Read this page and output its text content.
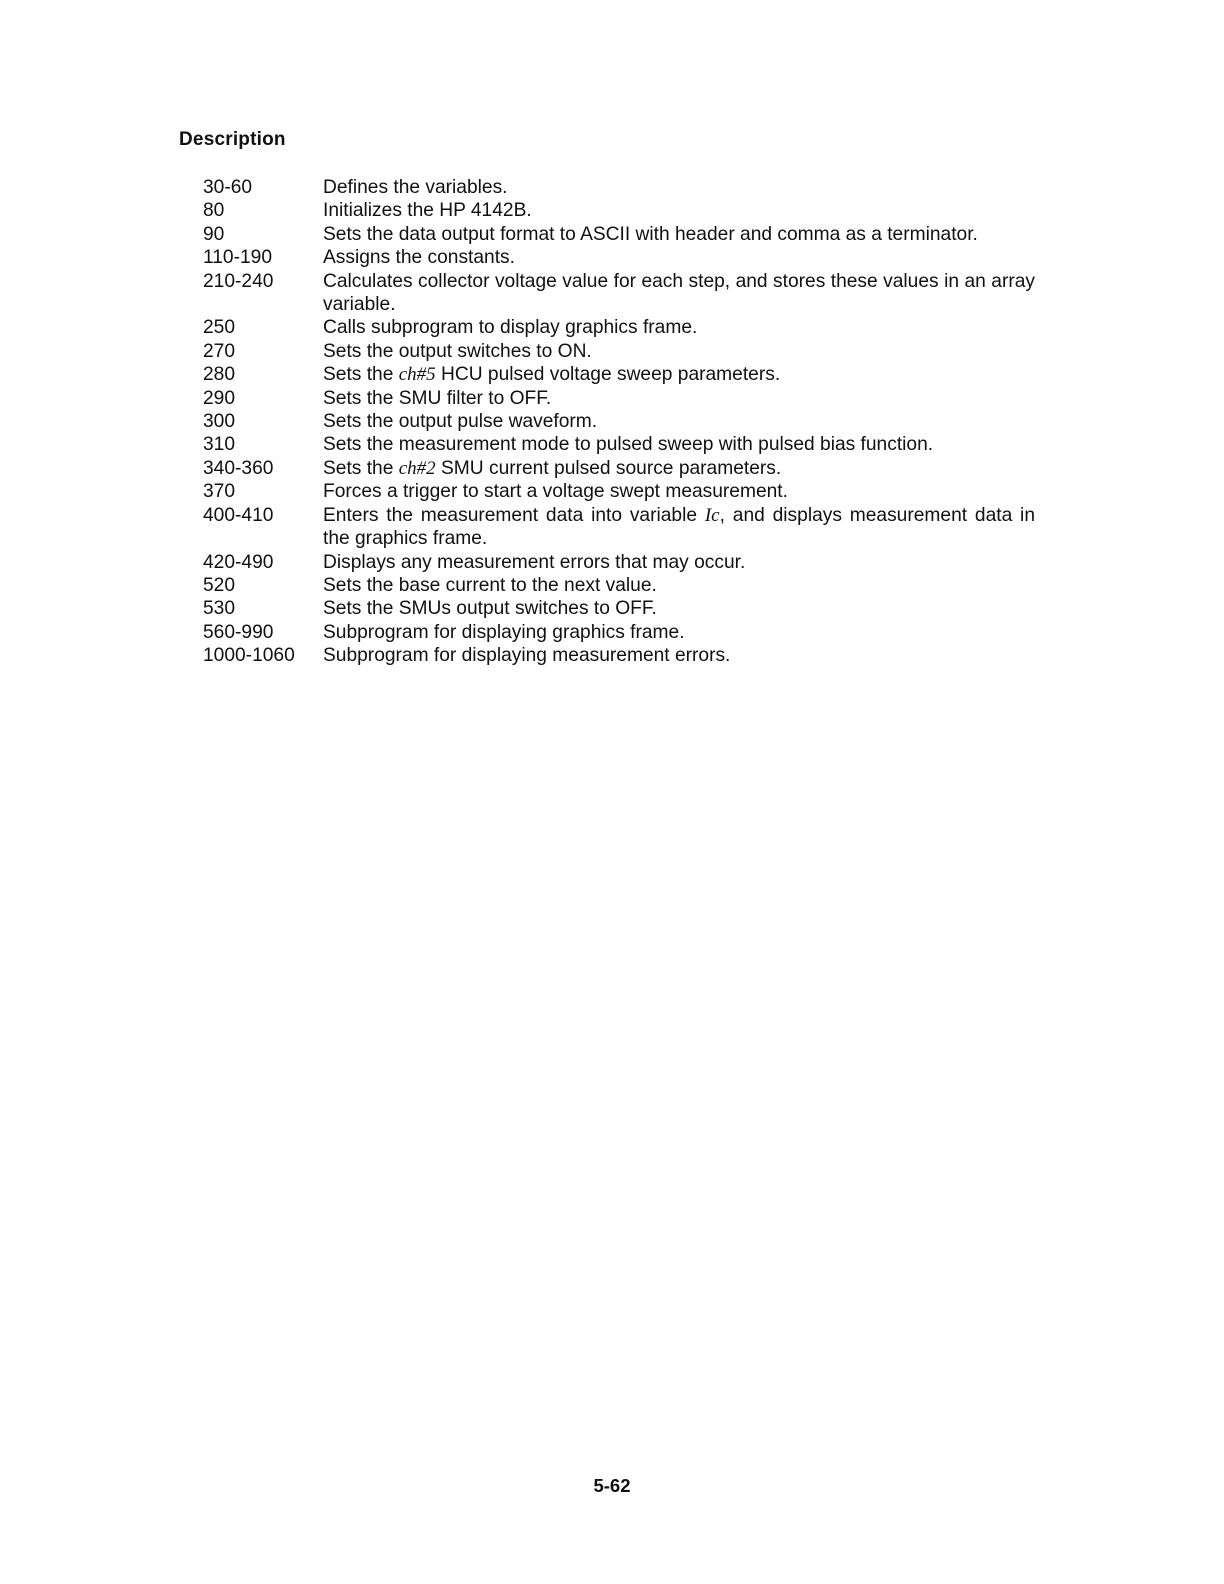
Description
30-60	Defines the variables.
80	Initializes the HP 4142B.
90	Sets the data output format to ASCII with header and comma as a terminator.
110-190	Assigns the constants.
210-240	Calculates collector voltage value for each step, and stores these values in an array variable.
250	Calls subprogram to display graphics frame.
270	Sets the output switches to ON.
280	Sets the ch#5 HCU pulsed voltage sweep parameters.
290	Sets the SMU filter to OFF.
300	Sets the output pulse waveform.
310	Sets the measurement mode to pulsed sweep with pulsed bias function.
340-360	Sets the ch#2 SMU current pulsed source parameters.
370	Forces a trigger to start a voltage swept measurement.
400-410	Enters the measurement data into variable Ic, and displays measurement data in the graphics frame.
420-490	Displays any measurement errors that may occur.
520	Sets the base current to the next value.
530	Sets the SMUs output switches to OFF.
560-990	Subprogram for displaying graphics frame.
1000-1060	Subprogram for displaying measurement errors.
5-62
